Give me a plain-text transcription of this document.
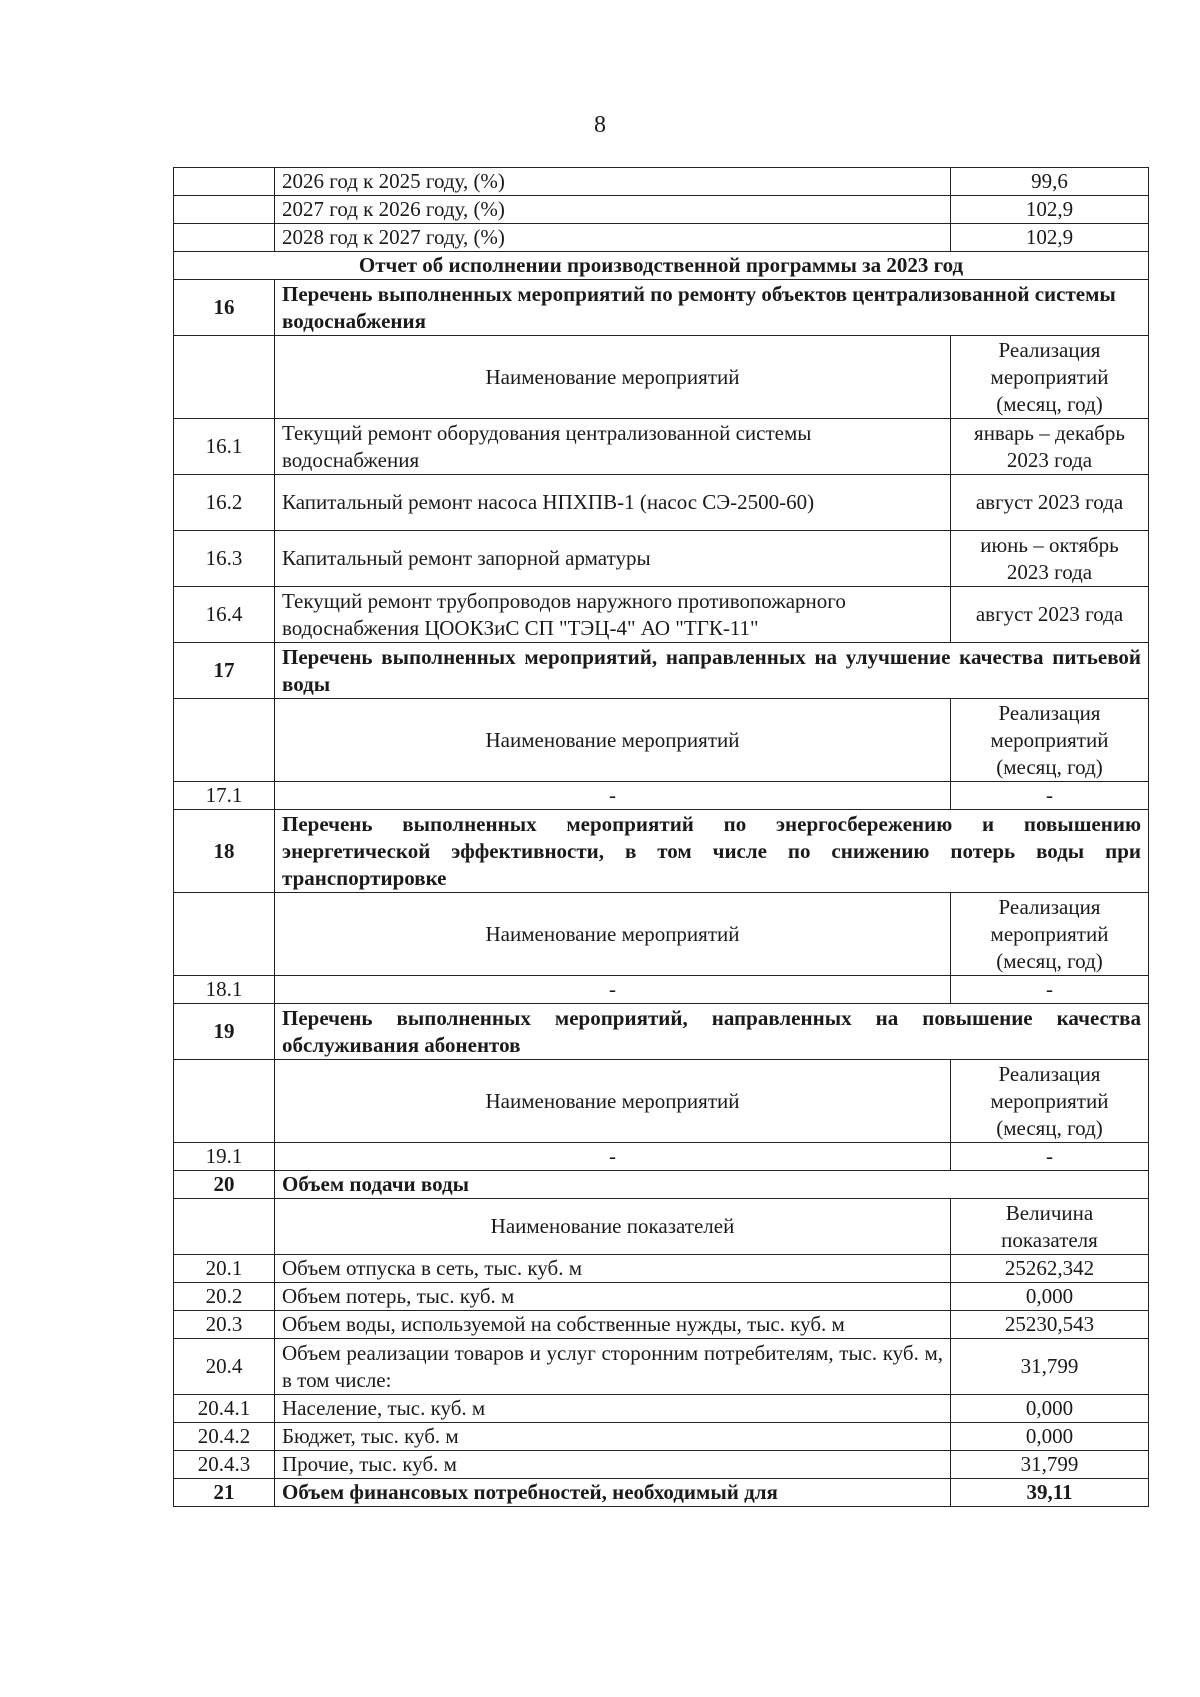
8
	2026 год к 2025 году, (%)	99,6
	2027 год к 2026 году, (%)	102,9
	2028 год к 2027 году, (%)	102,9
Отчет об исполнении производственной программы за 2023 год		
16	Перечень выполненных мероприятий по ремонту объектов централизованной системы водоснабжения	
	Наименование мероприятий	Реализация мероприятий (месяц, год)
16.1	Текущий ремонт оборудования централизованной системы водоснабжения	январь – декабрь 2023 года
16.2	Капитальный ремонт насоса НПХПВ-1 (насос СЭ-2500-60)	август 2023 года
16.3	Капитальный ремонт запорной арматуры	июнь – октябрь 2023 года
16.4	Текущий ремонт трубопроводов наружного противопожарного водоснабжения ЦООКЗиС СП "ТЭЦ-4" АО "ТГК-11"	август 2023 года
17	Перечень выполненных мероприятий, направленных на улучшение качества питьевой воды	
	Наименование мероприятий	Реализация мероприятий (месяц, год)
17.1	-	-
18	Перечень выполненных мероприятий по энергосбережению и повышению энергетической эффективности, в том числе по снижению потерь воды при транспортировке	
	Наименование мероприятий	Реализация мероприятий (месяц, год)
18.1	-	-
19	Перечень выполненных мероприятий, направленных на повышение качества обслуживания абонентов	
	Наименование мероприятий	Реализация мероприятий (месяц, год)
19.1	-	-
20	Объем подачи воды	
	Наименование показателей	Величина показателя
20.1	Объем отпуска в сеть, тыс. куб. м	25262,342
20.2	Объем потерь, тыс. куб. м	0,000
20.3	Объем воды, используемой на собственные нужды, тыс. куб. м	25230,543
20.4	Объем реализации товаров и услуг сторонним потребителям, тыс. куб. м, в том числе:	31,799
20.4.1	Население, тыс. куб. м	0,000
20.4.2	Бюджет, тыс. куб. м	0,000
20.4.3	Прочие, тыс. куб. м	31,799
21	Объем финансовых потребностей, необходимый для	39,11
